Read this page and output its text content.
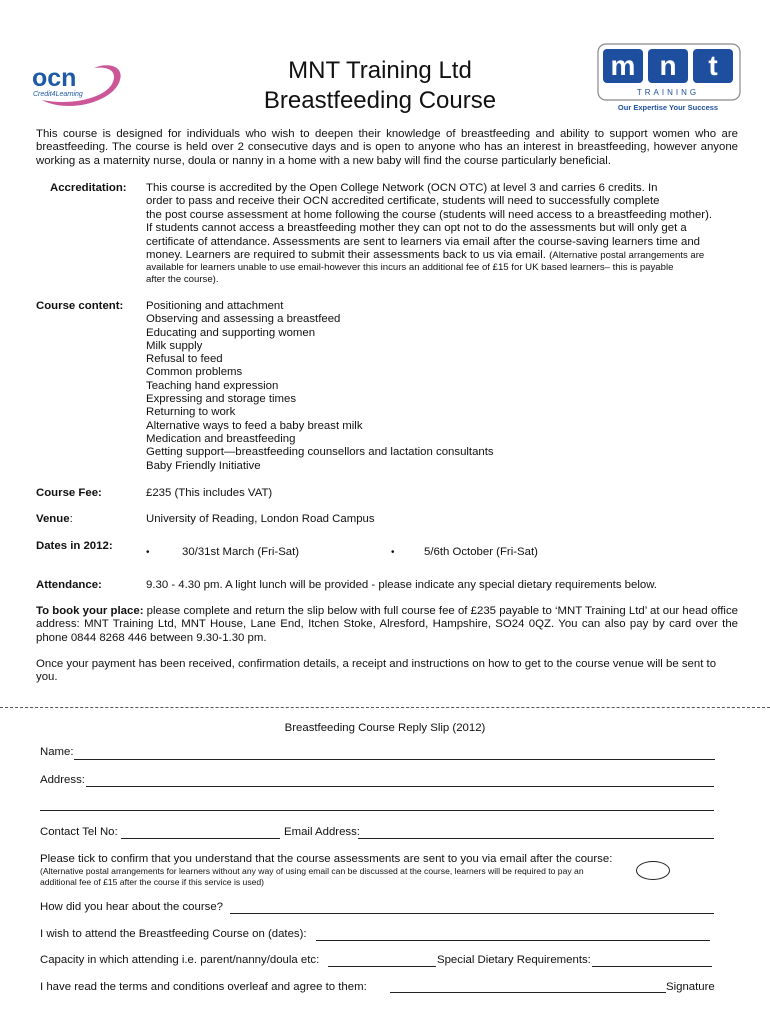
ocn
Credit4Learning
m n t
TRAINING
Our Expertise Your Success
MNT Training Ltd
Breastfeeding Course
This course is designed for individuals who wish to deepen their knowledge of breastfeeding and ability to support women who are breastfeeding. The course is held over 2 consecutive days and is open to anyone who has an interest in breastfeeding, however anyone working as a maternity nurse, doula or nanny in a home with a new baby will find the course particularly beneficial.
Accreditation: This course is accredited by the Open College Network (OCN OTC) at level 3 and carries 6 credits. In
order to pass and receive their OCN accredited certificate, students will need to successfully complete
the post course assessment at home following the course (students will need access to a breastfeeding mother).
If students cannot access a breastfeeding mother they can opt not to do the assessments but will only get a
certificate of attendance. Assessments are sent to learners via email after the course-saving learners time and
money. Learners are required to submit their assessments back to us via email. (Alternative postal arrangements are
available for learners unable to use email-however this incurs an additional fee of £15 for UK based learners– this is payable
after the course).
Course content: Positioning and attachment
Observing and assessing a breastfeed
Educating and supporting women
Milk supply
Refusal to feed
Common problems
Teaching hand expression
Expressing and storage times
Returning to work
Alternative ways to feed a baby breast milk
Medication and breastfeeding
Getting support—breastfeeding counsellors and lactation consultants
Baby Friendly Initiative
Course Fee:	£235 (This includes VAT)
Venue:	University of Reading, London Road Campus
Dates in 2012:
•	30/31st March (Fri-Sat)	•	5/6th October (Fri-Sat)
Attendance:	9.30 - 4.30 pm. A light lunch will be provided - please indicate any special dietary requirements below.
To book your place: please complete and return the slip below with full course fee of £235 payable to ‘MNT Training Ltd’ at our head office address: MNT Training Ltd, MNT House, Lane End, Itchen Stoke, Alresford, Hampshire, SO24 0QZ. You can also pay by card over the phone 0844 8268 446 between 9.30-1.30 pm.
Once your payment has been received, confirmation details, a receipt and instructions on how to get to the course venue will be sent to you.
Breastfeeding Course Reply Slip (2012)
Name:
Address:
Contact Tel No:	Email Address:
Please tick to confirm that you understand that the course assessments are sent to you via email after the course:
(Alternative postal arrangements for learners without any way of using email can be discussed at the course, learners will be required to pay an
additional fee of £15 after the course if this service is used)
How did you hear about the course?
I wish to attend the Breastfeeding Course on (dates):
Capacity in which attending i.e. parent/nanny/doula etc:	Special Dietary Requirements:
I have read the terms and conditions overleaf and agree to them:	Signature
